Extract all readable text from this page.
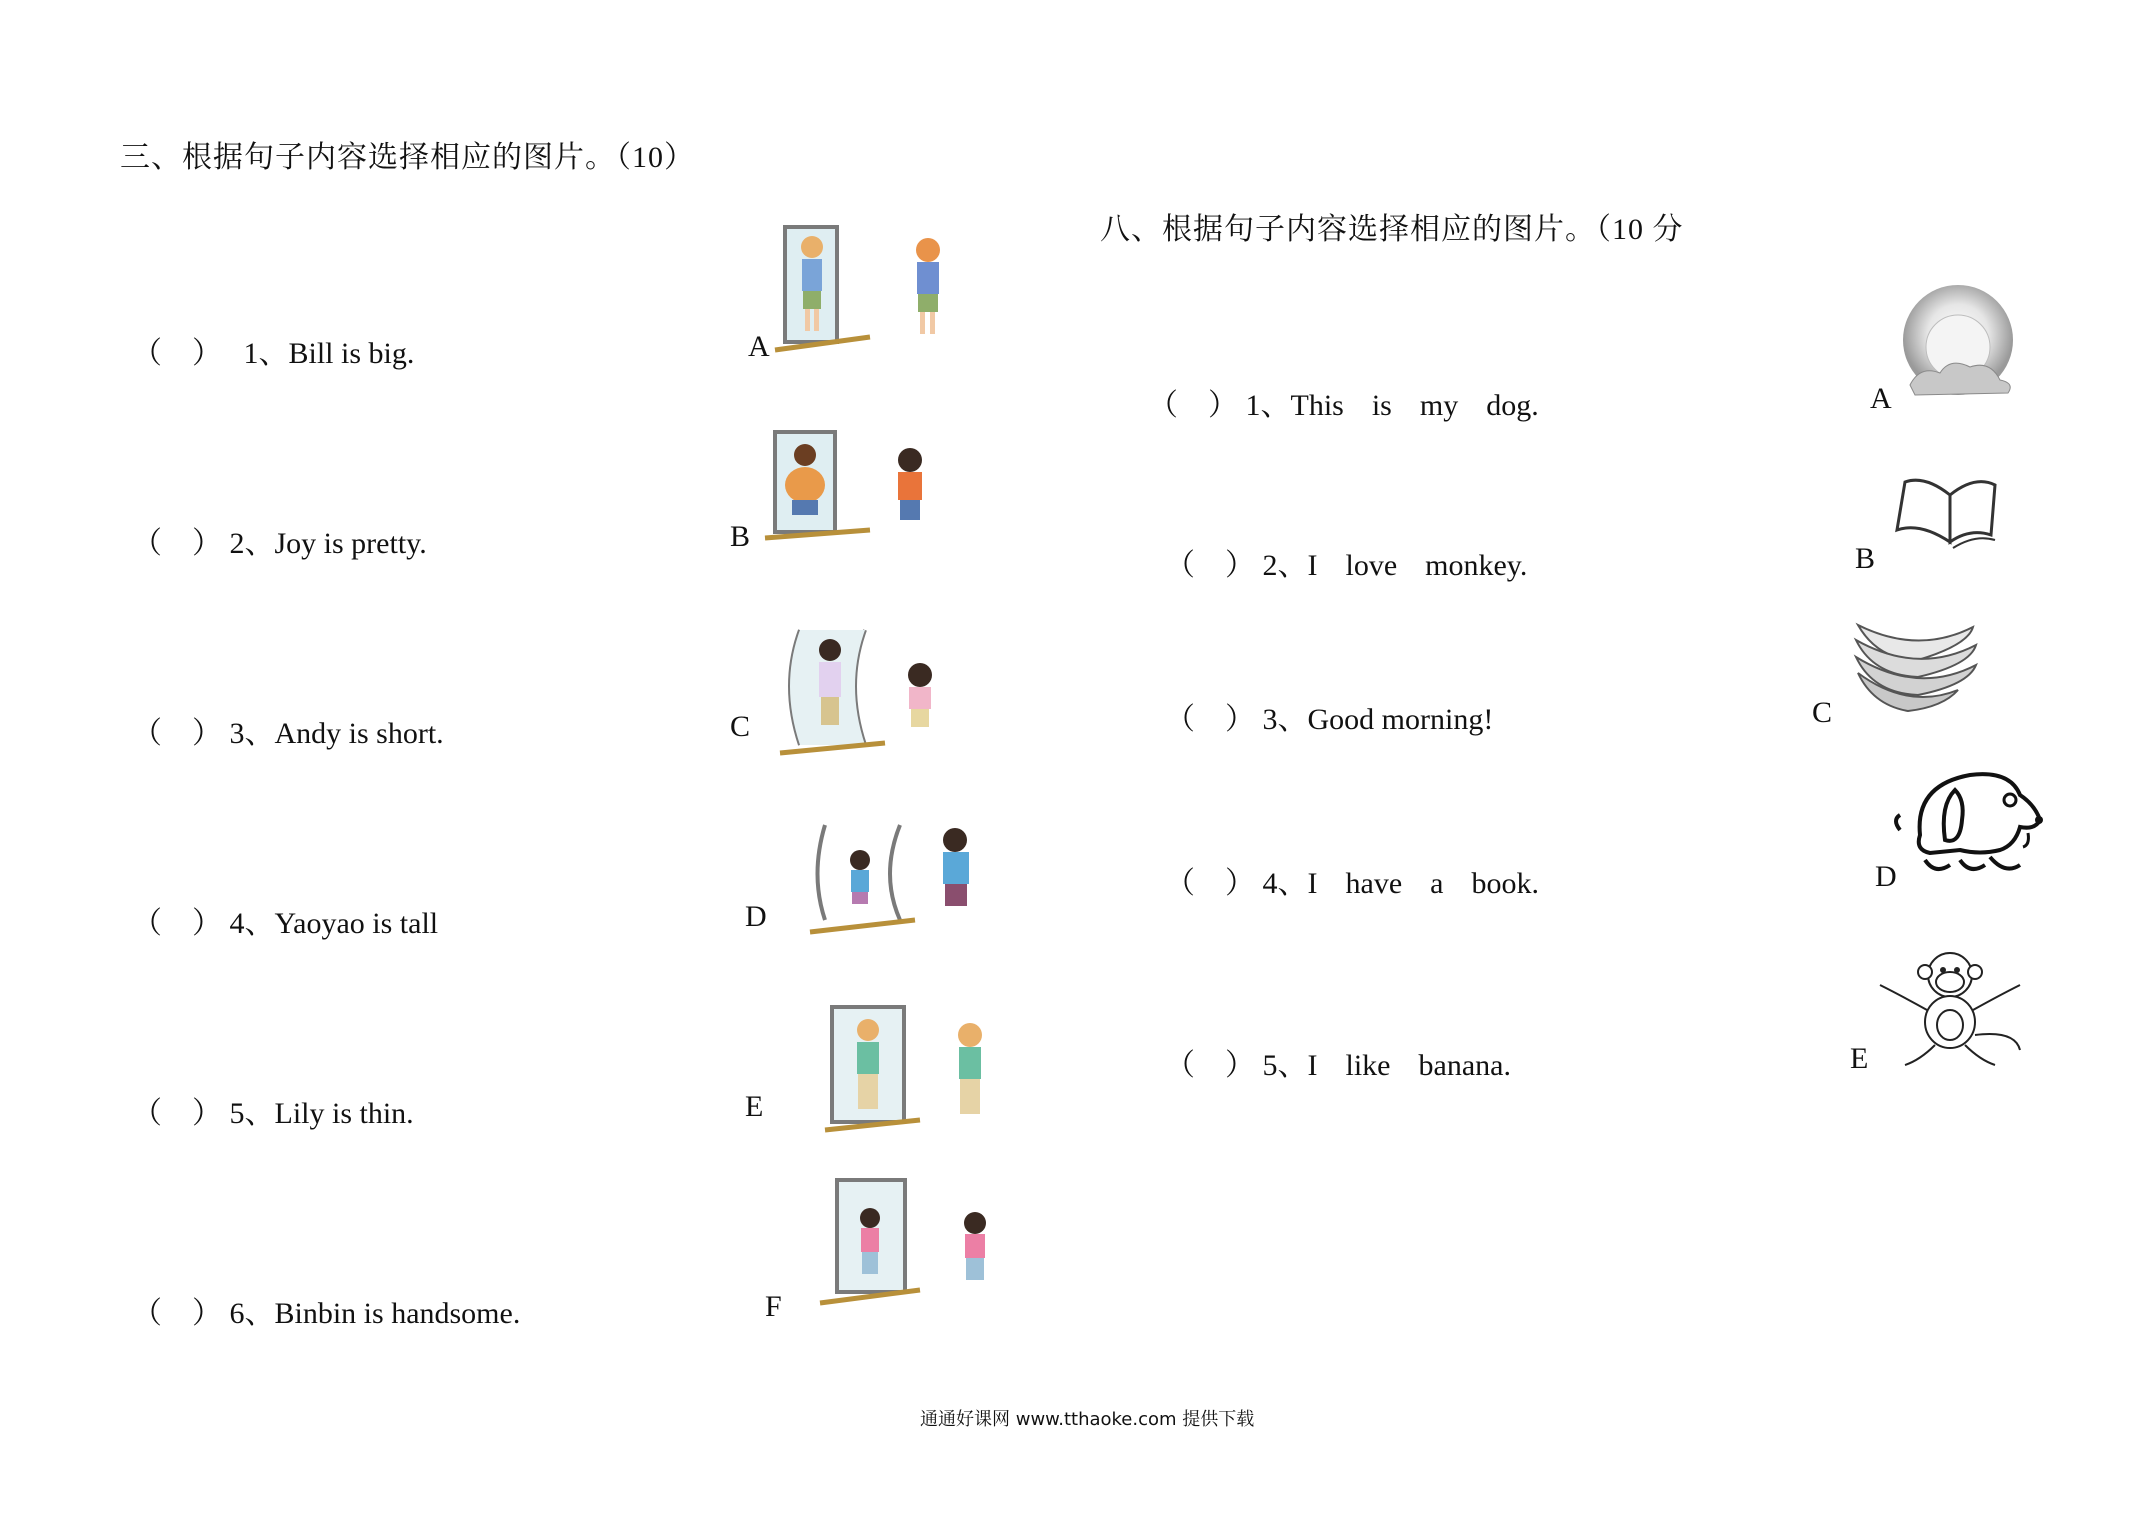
三、根据句子内容选择相应的图片。（10）
（　） 1、Bill is big.
（　） 2、Joy is pretty.
（　） 3、Andy is short.
（　） 4、Yaoyao is tall
（　） 5、Lily is thin.
（　） 6、Binbin is handsome.
A
B
C
D
E
F
八、根据句子内容选择相应的图片。（10 分
（　） 1、This is my dog.
（　） 2、I love monkey.
（　） 3、Good morning!
（　） 4、I have a book.
（　） 5、I like banana.
A
B
C
D
E
通通好课网 www.tthaoke.com 提供下载
